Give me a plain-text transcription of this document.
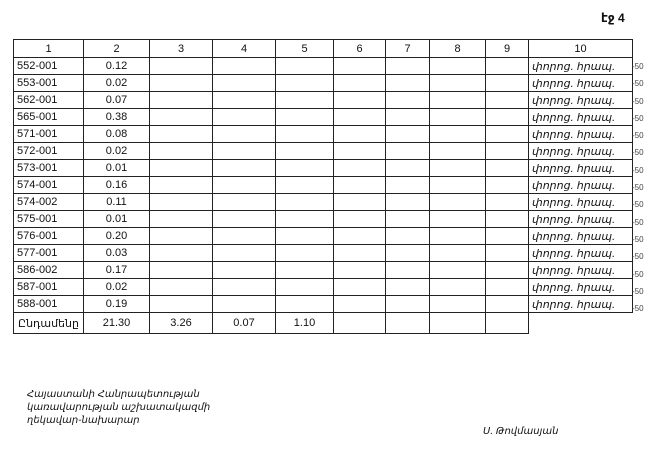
էջ 4
1	2	3	4	5	6	7	8	9	10
552-001	0.12								փորոց. հրապ.
553-001	0.02								փորոց. հրապ.
562-001	0.07								փորոց. հրապ.
565-001	0.38								փորոց. հրապ.
571-001	0.08								փորոց. հրապ.
572-001	0.02								փորոց. հրապ.
573-001	0.01								փորոց. հրապ.
574-001	0.16								փորոց. հրապ.
574-002	0.11								փորոց. հրապ.
575-001	0.01								փորոց. հրապ.
576-001	0.20								փորոց. հրապ.
577-001	0.03								փորոց. հրապ.
586-002	0.17								փորոց. հրապ.
587-001	0.02								փորոց. հրապ.
588-001	0.19								փորոց. հրապ.
Ընդամենը	21.30	3.26	0.07	1.10					
-50
-50
-50
-50
-50
-50
-50
-50
-50
-50
-50
-50
-50
-50
-50
Հայաստանի Հանրապետության
կառավարության աշխատակազմի
ղեկավար-նախարար
Ս. Թովմասյան
